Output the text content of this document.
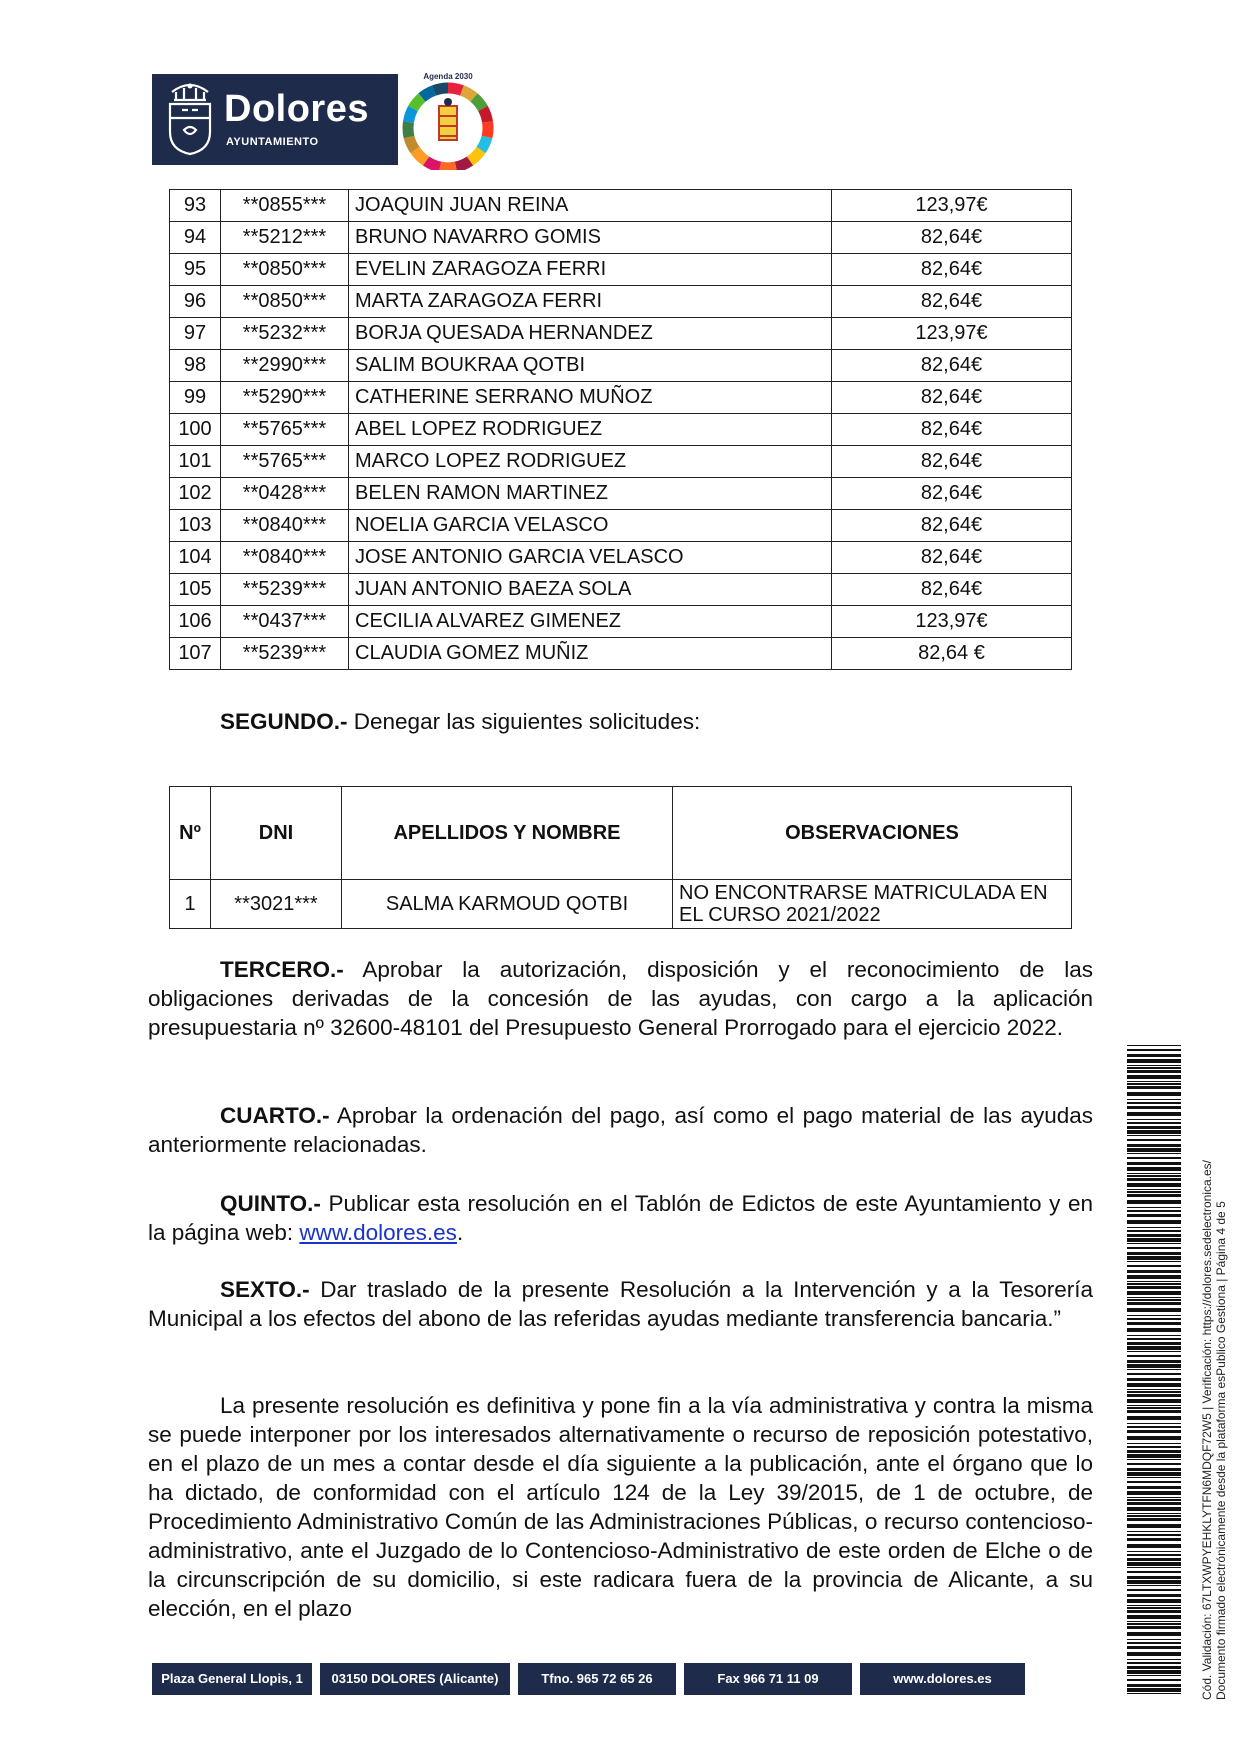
Dolores
AYUNTAMIENTO
Agenda 2030
93	**0855***	JOAQUIN JUAN REINA	123,97€
94	**5212***	BRUNO NAVARRO GOMIS	82,64€
95	**0850***	EVELIN ZARAGOZA FERRI	82,64€
96	**0850***	MARTA ZARAGOZA FERRI	82,64€
97	**5232***	BORJA QUESADA HERNANDEZ	123,97€
98	**2990***	SALIM BOUKRAA QOTBI	82,64€
99	**5290***	CATHERINE SERRANO MUÑOZ	82,64€
100	**5765***	ABEL LOPEZ RODRIGUEZ	82,64€
101	**5765***	MARCO LOPEZ RODRIGUEZ	82,64€
102	**0428***	BELEN RAMON MARTINEZ	82,64€
103	**0840***	NOELIA GARCIA VELASCO	82,64€
104	**0840***	JOSE ANTONIO GARCIA VELASCO	82,64€
105	**5239***	JUAN ANTONIO BAEZA SOLA	82,64€
106	**0437***	CECILIA ALVAREZ GIMENEZ	123,97€
107	**5239***	CLAUDIA GOMEZ MUÑIZ	82,64 €
SEGUNDO.- Denegar las siguientes solicitudes:
Nº	DNI	APELLIDOS Y NOMBRE	OBSERVACIONES
1	**3021***	SALMA KARMOUD QOTBI	NO ENCONTRARSE MATRICULADA EN
EL CURSO 2021/2022
TERCERO.- Aprobar la autorización, disposición y el reconocimiento de las obligaciones derivadas de la concesión de las ayudas, con cargo a la aplicación presupuestaria nº 32600-48101 del Presupuesto General Prorrogado para el ejercicio 2022.
CUARTO.- Aprobar la ordenación del pago, así como el pago material de las ayudas anteriormente relacionadas.
QUINTO.- Publicar esta resolución en el Tablón de Edictos de este Ayuntamiento y en la página web: www.dolores.es.
SEXTO.- Dar traslado de la presente Resolución a la Intervención y a la Tesorería Municipal a los efectos del abono de las referidas ayudas mediante transferencia bancaria.”
La presente resolución es definitiva y pone fin a la vía administrativa y contra la misma se puede interponer por los interesados alternativamente o recurso de reposición potestativo, en el plazo de un mes a contar desde el día siguiente a la publicación, ante el órgano que lo ha dictado, de conformidad con el artículo 124 de la Ley 39/2015, de 1 de octubre, de Procedimiento Administrativo Común de las Administraciones Públicas, o recurso contencioso- administrativo, ante el Juzgado de lo Contencioso-Administrativo de este orden de Elche o de la circunscripción de su domicilio, si este radicara fuera de la provincia de Alicante, a su elección, en el plazo
Plaza General Llopis, 1	03150 DOLORES (Alicante)	Tfno. 965 72 65 26	Fax 966 71 11 09	www.dolores.es	Cód. Validación: 67LTXWPYEHKLYTFN6MDQF72W5 | Verificación: https://dolores.sedelectronica.es/ Documento firmado electrónicamente desde la plataforma esPublico Gestiona | Página 4 de 5
